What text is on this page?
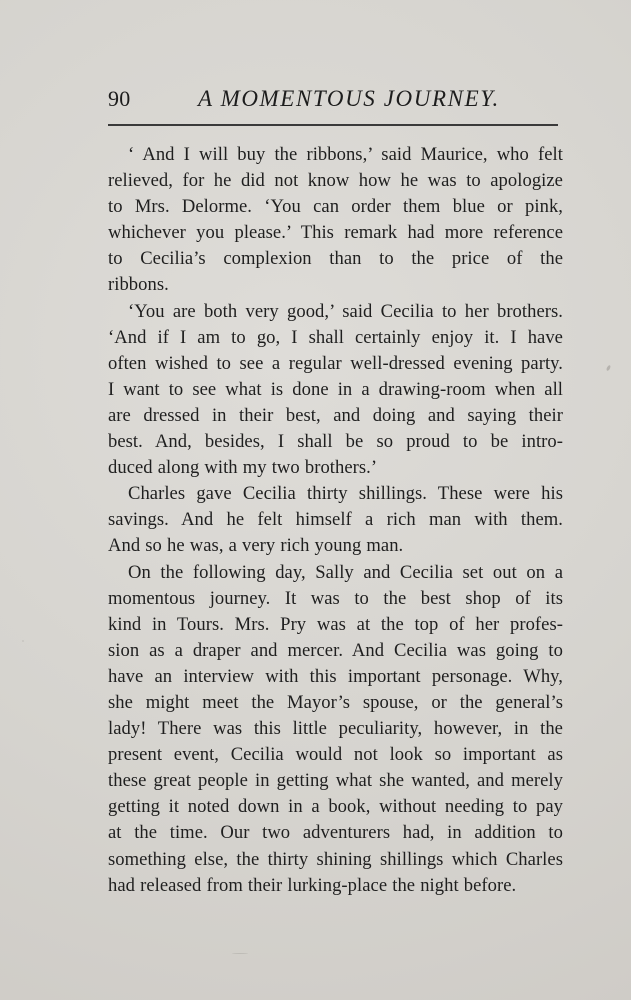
90	A MOMENTOUS JOURNEY.
‘ And I will buy the ribbons,’ said Maurice, who felt
relieved, for he did not know how he was to apologize
to Mrs. Delorme. ‘You can order them blue or pink,
whichever you please.’ This remark had more reference
to Cecilia’s complexion than to the price of the
ribbons.
‘You are both very good,’ said Cecilia to her brothers.
‘And if I am to go, I shall certainly enjoy it. I have
often wished to see a regular well-dressed evening party.
I want to see what is done in a drawing-room when all
are dressed in their best, and doing and saying their
best. And, besides, I shall be so proud to be intro-
duced along with my two brothers.’
Charles gave Cecilia thirty shillings. These were his
savings. And he felt himself a rich man with them.
And so he was, a very rich young man.
On the following day, Sally and Cecilia set out on a
momentous journey. It was to the best shop of its
kind in Tours. Mrs. Pry was at the top of her profes-
sion as a draper and mercer. And Cecilia was going to
have an interview with this important personage. Why,
she might meet the Mayor’s spouse, or the general’s
lady! There was this little peculiarity, however, in the
present event, Cecilia would not look so important as
these great people in getting what she wanted, and merely
getting it noted down in a book, without needing to pay
at the time. Our two adventurers had, in addition to
something else, the thirty shining shillings which Charles
had released from their lurking-place the night before.
